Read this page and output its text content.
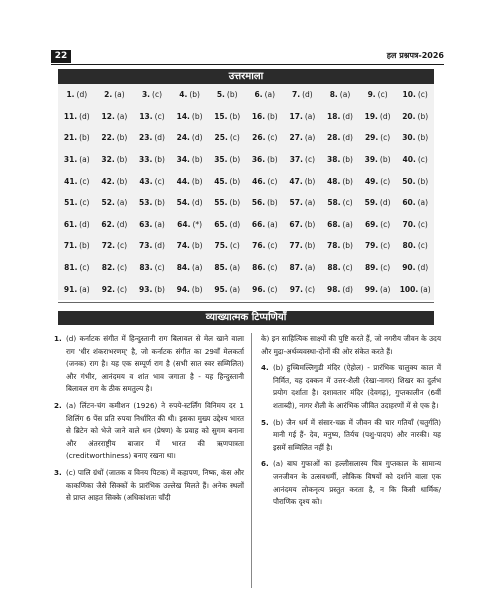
22	हल प्रश्नपत्र-2026
उत्तरमाला
1. (d) 2. (a) 3. (c) 4. (b) 5. (b) 6. (a) 7. (d) 8. (a) 9. (c) 10. (c)
11. (d) 12. (a) 13. (c) 14. (b) 15. (b) 16. (b) 17. (a) 18. (d) 19. (d) 20. (b)
21. (b) 22. (b) 23. (d) 24. (d) 25. (c) 26. (c) 27. (a) 28. (d) 29. (c) 30. (b)
31. (a) 32. (b) 33. (b) 34. (b) 35. (b) 36. (b) 37. (c) 38. (b) 39. (b) 40. (c)
41. (c) 42. (b) 43. (c) 44. (b) 45. (b) 46. (c) 47. (b) 48. (b) 49. (c) 50. (b)
51. (c) 52. (a) 53. (b) 54. (d) 55. (b) 56. (b) 57. (a) 58. (c) 59. (d) 60. (a)
61. (d) 62. (d) 63. (a) 64. (*) 65. (d) 66. (a) 67. (b) 68. (a) 69. (c) 70. (c)
71. (b) 72. (c) 73. (d) 74. (b) 75. (c) 76. (c) 77. (b) 78. (b) 79. (c) 80. (c)
81. (c) 82. (c) 83. (c) 84. (a) 85. (a) 86. (c) 87. (a) 88. (c) 89. (c) 90. (d)
91. (a) 92. (c) 93. (b) 94. (b) 95. (a) 96. (c) 97. (c) 98. (d) 99. (a) 100. (a)
व्याख्यात्मक टिप्पणियाँ
1. (d) कर्नाटक संगीत में हिन्दुस्तानी राग बिलावल से मेल खाने वाला राग 'धीर शंकराभरणम्' है, जो कर्नाटक संगीत का 29वाँ मेलकर्ता (जनक) राग है। यह एक सम्पूर्ण राग है (सभी सात स्वर सम्मिलित) और गंभीर, आनंदमय व शांत भाव जगाता है - यह हिन्दुस्तानी बिलावल राग के ठीक समतुल्य है।
2. (a) लिंटन-चंग कमीशन (1926) ने रुपये-स्टर्लिंग विनिमय दर 1 शिलिंग 6 पेंस प्रति रुपया निर्धारित की थी। इसका मुख्य उद्देश्य भारत से ब्रिटेन को भेजे जाने वाले धन (प्रेषण) के प्रवाह को सुगम बनाना और अंतरराष्ट्रीय बाजार में भारत की ऋणपात्रता (creditworthiness) बनाए रखना था।
3. (c) पालि ग्रंथों (जातक व विनय पिटक) में कहापण, निष्क, कंस और काकणिका जैसे सिक्कों के प्रारंभिक उल्लेख मिलते हैं। अनेक स्थलों से प्राप्त आहत सिक्के (अधिकांशतः चाँदी
के) इन साहित्यिक साक्ष्यों की पुष्टि करते हैं, जो नगरीय जीवन के उदय और मुद्रा-अर्थव्यवस्था-दोनों की ओर संकेत करते हैं।
4. (b) हुच्चिमल्लिगुडी मंदिर (ऐहोल) - प्रारंभिक चालुक्य काल में निर्मित, यह दक्कन में उत्तर-शैली (रेखा-नागर) शिखर का दुर्लभ प्रयोग दर्शाता है। दशावतार मंदिर (देवगढ़), गुप्तकालीन (6वीं शताब्दी), नागर शैली के आरंभिक जीवित उदाहरणों में से एक है।
5. (b) जैन धर्म में संसार-चक्र में जीवन की चार गतियाँ (चतुर्गति) मानी गई हैं- देव, मनुष्य, तिर्यच (पशु-पादप) और नारकी। यह इसमें सम्मिलित नहीं है।
6. (a) बाघ गुफाओं का हल्लीसलास्य चित्र गुप्तकाल के सामान्य जनजीवन के उत्सवधर्मी, लौकिक विषयों को दर्शाने वाला एक आनंदमय लोकनृत्य प्रस्तुत करता है, न कि किसी धार्मिक/पौराणिक दृश्य को।
